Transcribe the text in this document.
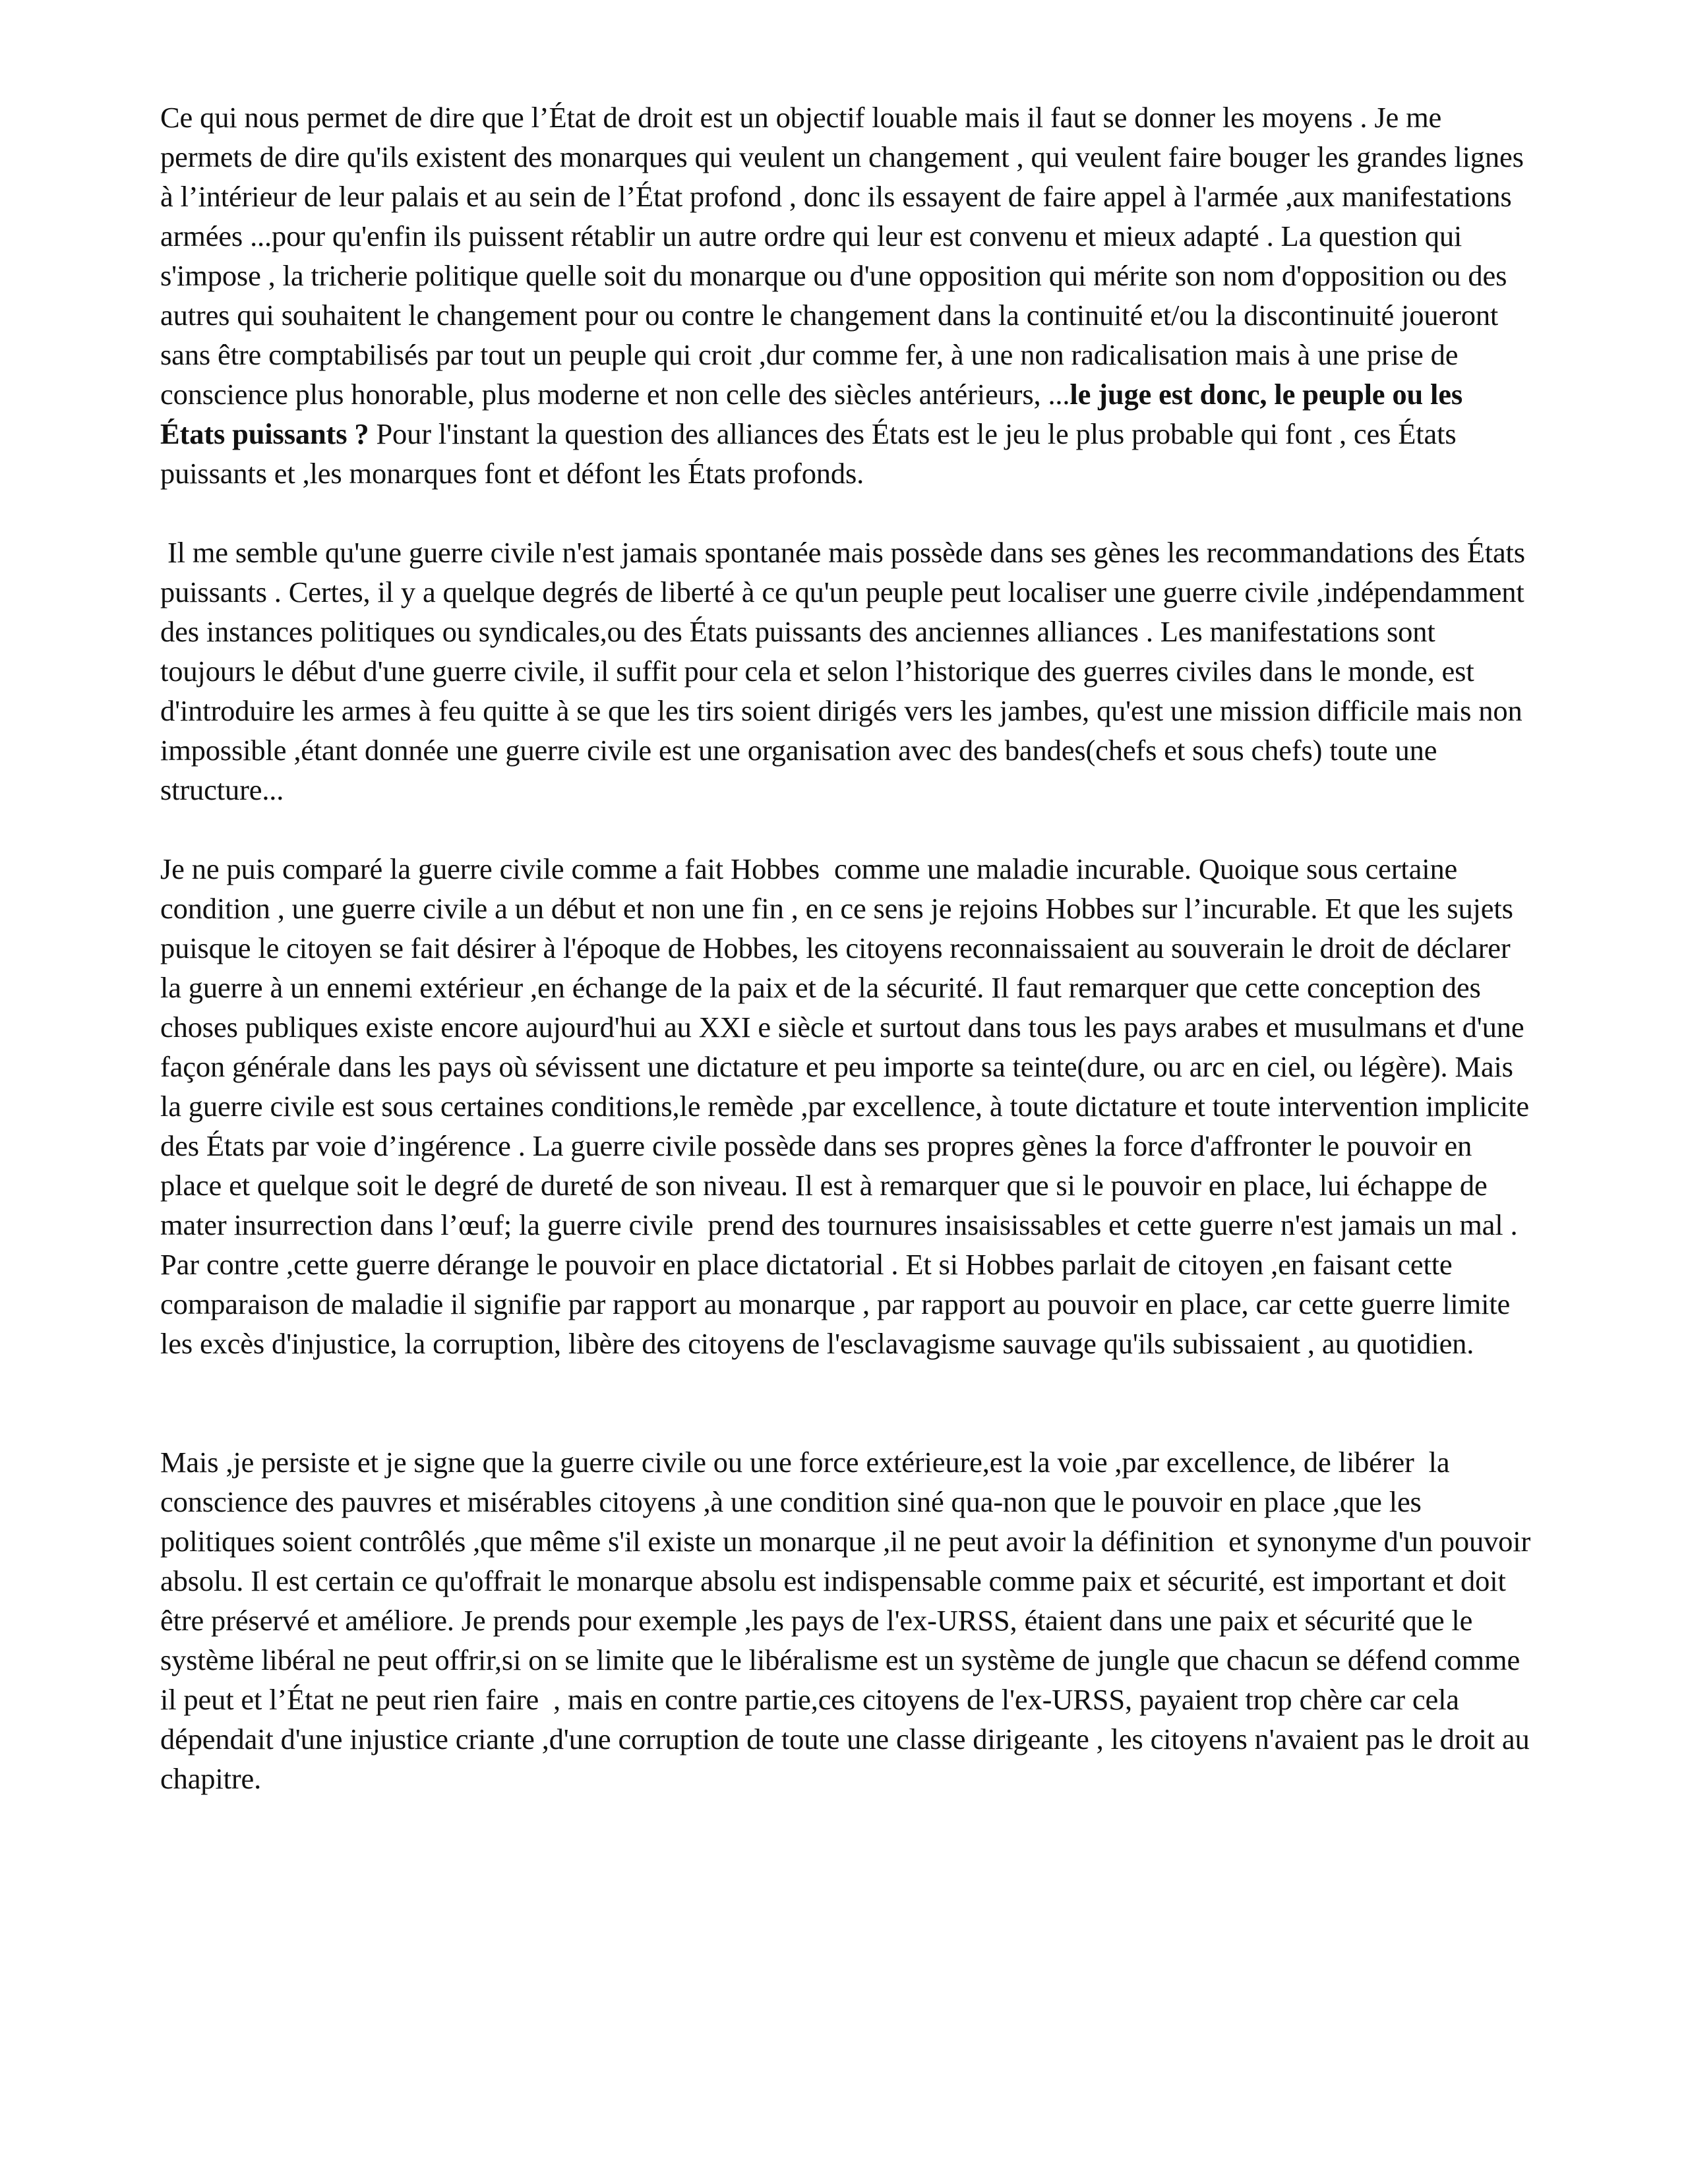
Ce qui nous permet de dire que l’État de droit est un objectif louable mais il faut se donner les moyens . Je me permets de dire qu'ils existent des monarques qui veulent un changement , qui veulent faire bouger les grandes lignes à l’intérieur de leur palais et au sein de l’État profond , donc ils essayent de faire appel à l'armée ,aux manifestations armées ...pour qu'enfin ils puissent rétablir un autre ordre qui leur est convenu et mieux adapté . La question qui s'impose , la tricherie politique quelle soit du monarque ou d'une opposition qui mérite son nom d'opposition ou des autres qui souhaitent le changement pour ou contre le changement dans la continuité et/ou la discontinuité joueront sans être comptabilisés par tout un peuple qui croit ,dur comme fer, à une non radicalisation mais à une prise de conscience plus honorable, plus moderne et non celle des siècles antérieurs, ...le juge est donc, le peuple ou les États puissants ? Pour l'instant la question des alliances des États est le jeu le plus probable qui font , ces États puissants et ,les monarques font et défont les États profonds.

Il me semble qu'une guerre civile n'est jamais spontanée mais possède dans ses gènes les recommandations des États puissants . Certes, il y a quelque degrés de liberté à ce qu'un peuple peut localiser une guerre civile ,indépendamment des instances politiques ou syndicales,ou des États puissants des anciennes alliances . Les manifestations sont toujours le début d'une guerre civile, il suffit pour cela et selon l’historique des guerres civiles dans le monde, est d'introduire les armes à feu quitte à se que les tirs soient dirigés vers les jambes, qu'est une mission difficile mais non impossible ,étant donnée une guerre civile est une organisation avec des bandes(chefs et sous chefs) toute une structure...

Je ne puis comparé la guerre civile comme a fait Hobbes  comme une maladie incurable. Quoique sous certaine condition , une guerre civile a un début et non une fin , en ce sens je rejoins Hobbes sur l’incurable. Et que les sujets puisque le citoyen se fait désirer à l'époque de Hobbes, les citoyens reconnaissaient au souverain le droit de déclarer la guerre à un ennemi extérieur ,en échange de la paix et de la sécurité. Il faut remarquer que cette conception des choses publiques existe encore aujourd'hui au XXI e siècle et surtout dans tous les pays arabes et musulmans et d'une façon générale dans les pays où sévissent une dictature et peu importe sa teinte(dure, ou arc en ciel, ou légère). Mais la guerre civile est sous certaines conditions,le remède ,par excellence, à toute dictature et toute intervention implicite des États par voie d’ingérence . La guerre civile possède dans ses propres gènes la force d'affronter le pouvoir en place et quelque soit le degré de dureté de son niveau. Il est à remarquer que si le pouvoir en place, lui échappe de mater insurrection dans l’œuf; la guerre civile  prend des tournures insaisissables et cette guerre n'est jamais un mal . Par contre ,cette guerre dérange le pouvoir en place dictatorial . Et si Hobbes parlait de citoyen ,en faisant cette comparaison de maladie il signifie par rapport au monarque , par rapport au pouvoir en place, car cette guerre limite les excès d'injustice, la corruption, libère des citoyens de l'esclavagisme sauvage qu'ils subissaient , au quotidien.

Mais ,je persiste et je signe que la guerre civile ou une force extérieure,est la voie ,par excellence, de libérer  la conscience des pauvres et misérables citoyens ,à une condition siné qua-non que le pouvoir en place ,que les politiques soient contrôlés ,que même s'il existe un monarque ,il ne peut avoir la définition  et synonyme d'un pouvoir absolu. Il est certain ce qu'offrait le monarque absolu est indispensable comme paix et sécurité, est important et doit être préservé et améliore. Je prends pour exemple ,les pays de l'ex-URSS, étaient dans une paix et sécurité que le système libéral ne peut offrir,si on se limite que le libéralisme est un système de jungle que chacun se défend comme il peut et l’État ne peut rien faire  , mais en contre partie,ces citoyens de l'ex-URSS, payaient trop chère car cela dépendait d'une injustice criante ,d'une corruption de toute une classe dirigeante , les citoyens n'avaient pas le droit au chapitre.
